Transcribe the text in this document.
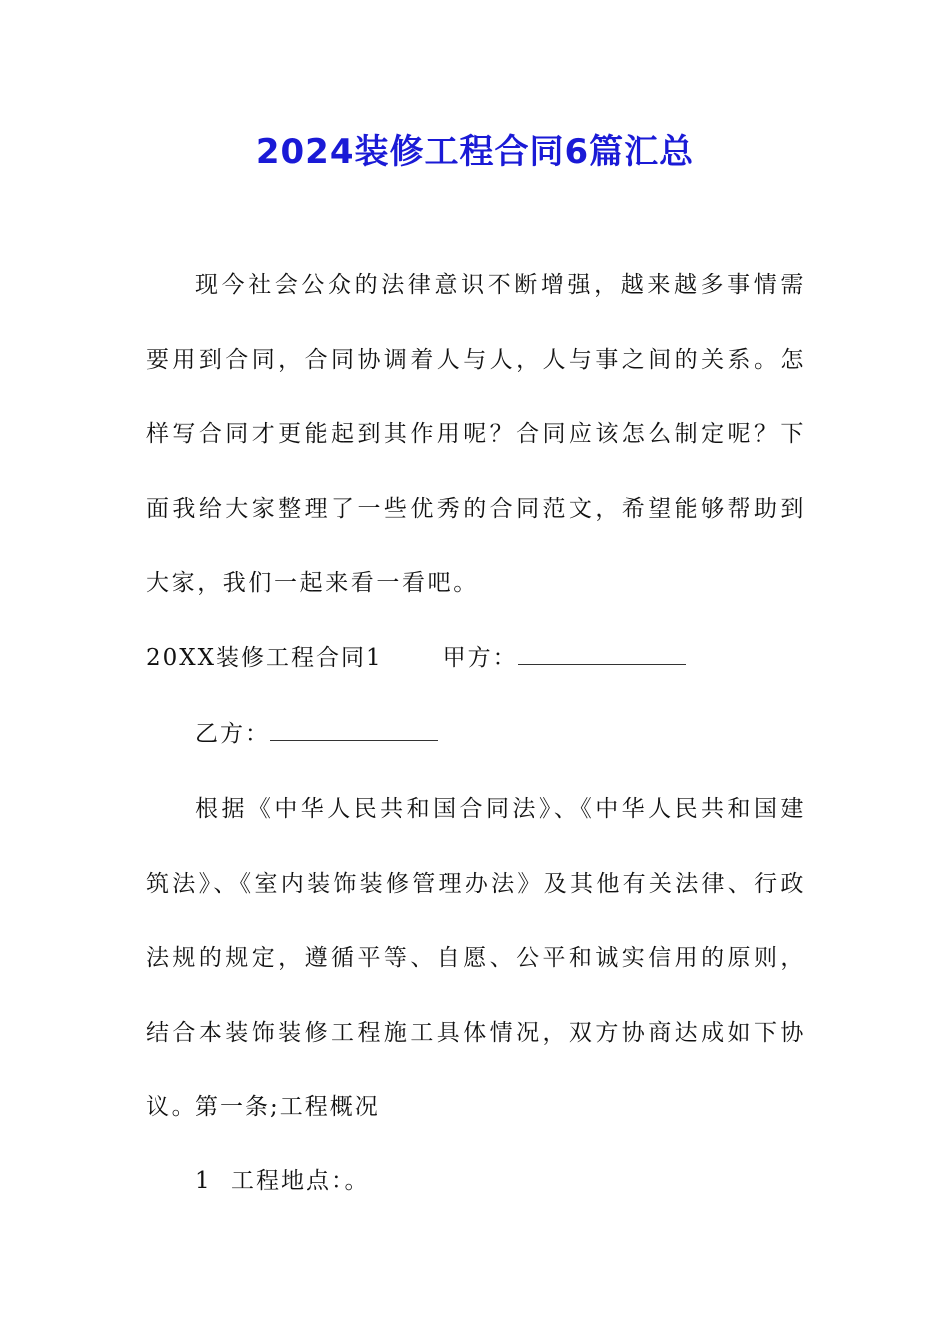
2024装修工程合同6篇汇总

现今社会公众的法律意识不断增强，越来越多事情需要用到合同，合同协调着人与人，人与事之间的关系。怎样写合同才更能起到其作用呢？合同应该怎么制定呢？下面我给大家整理了一些优秀的合同范文，希望能够帮助到大家，我们一起来看一看吧。

20XX装修工程合同1	甲方：
乙方：

根据《中华人民共和国合同法》、《中华人民共和国建筑法》、《室内装饰装修管理办法》及其他有关法律、行政法规的规定，遵循平等、自愿、公平和诚实信用的原则，结合本装饰装修工程施工具体情况，双方协商达成如下协议。

第一条;工程概况
1 工程地点：。
